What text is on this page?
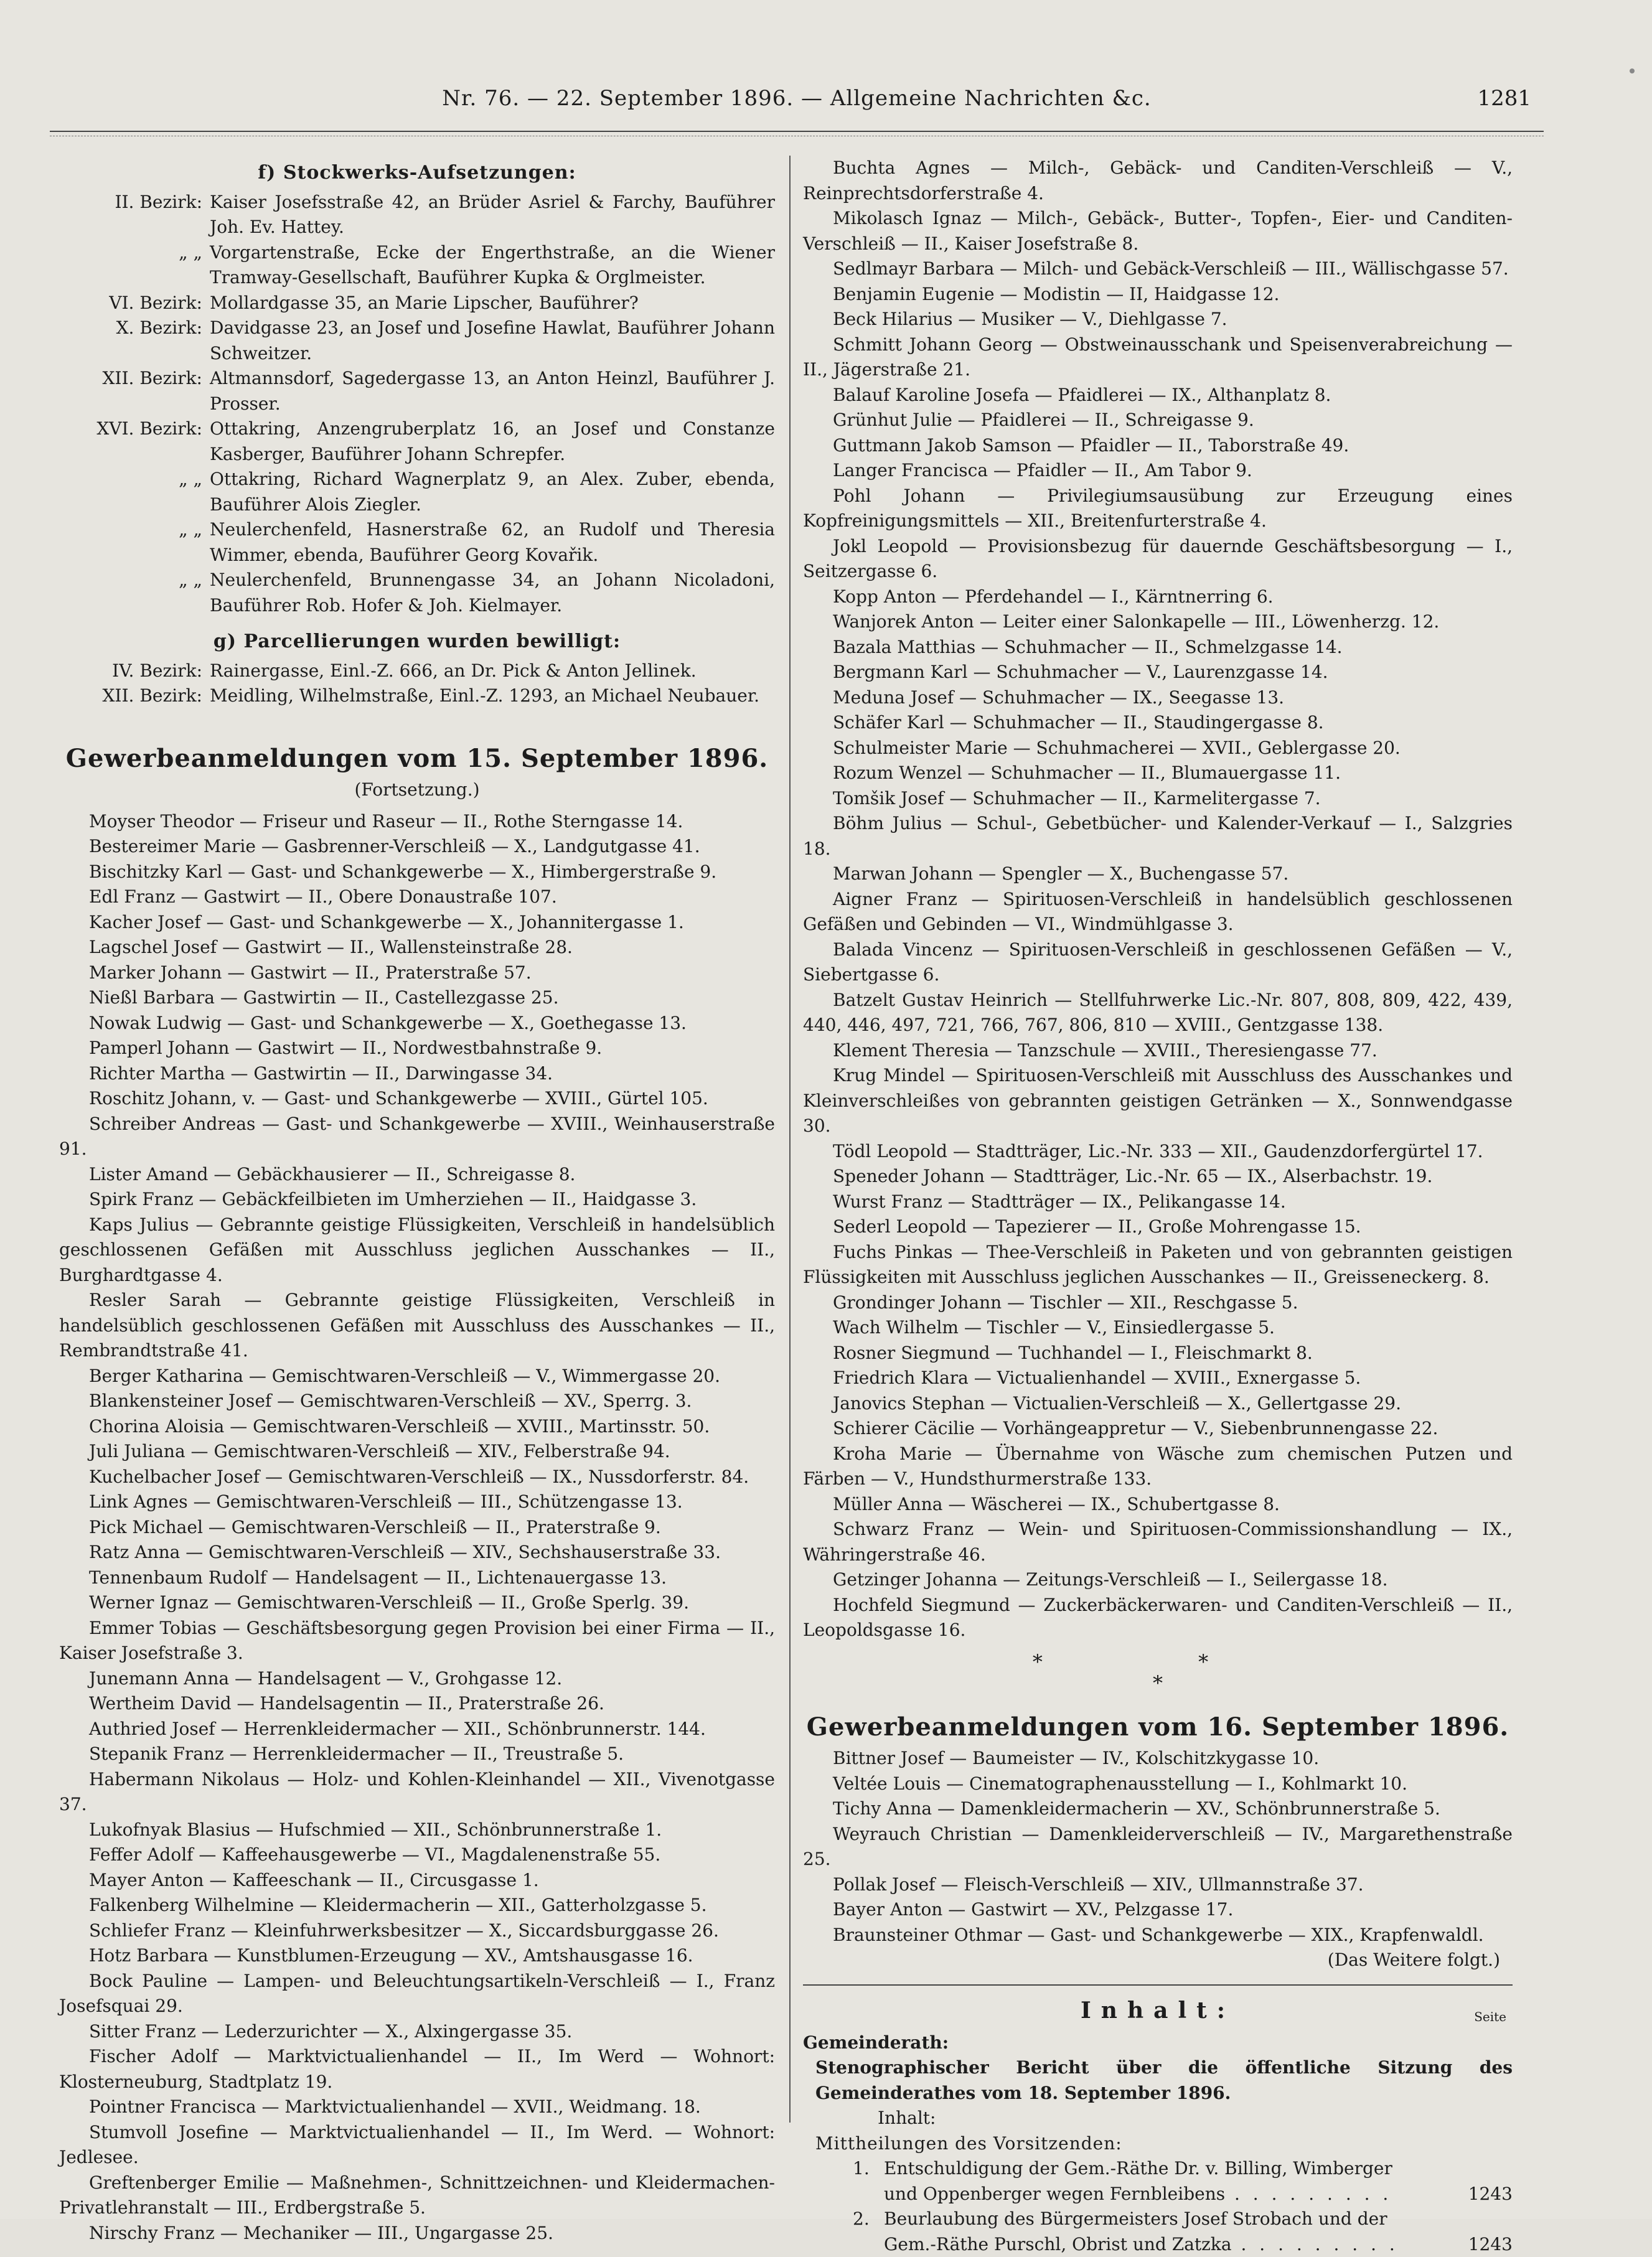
Nr. 76. — 22. September 1896. — Allgemeine Nachrichten &c.	1281
f) Stockwerks-Aufsetzungen:
II. Bezirk: Kaiser Josefsstraße 42, an Brüder Asriel & Farchy, Bauführer Joh. Ev. Hattey.
„ „ Vorgartenstraße, Ecke der Engerthstraße, an die Wiener Tramway-Gesellschaft, Bauführer Kupka & Orglmeister.
VI. Bezirk: Mollardgasse 35, an Marie Lipscher, Bauführer?
X. Bezirk: Davidgasse 23, an Josef und Josefine Hawlat, Bauführer Johann Schweitzer.
XII. Bezirk: Altmannsdorf, Sagedergasse 13, an Anton Heinzl, Bauführer J. Prosser.
XVI. Bezirk: Ottakring, Anzengruberplatz 16, an Josef und Constanze Kasberger, Bauführer Johann Schrepfer.
„ „ Ottakring, Richard Wagnerplatz 9, an Alex. Zuber, ebenda, Bauführer Alois Ziegler.
„ „ Neulerchenfeld, Hasnerstraße 62, an Rudolf und Theresia Wimmer, ebenda, Bauführer Georg Kovařik.
„ „ Neulerchenfeld, Brunnengasse 34, an Johann Nicoladoni, Bauführer Rob. Hofer & Joh. Kielmayer.
g) Parcellierungen wurden bewilligt:
IV. Bezirk: Rainergasse, Einl.-Z. 666, an Dr. Pick & Anton Jellinek.
XII. Bezirk: Meidling, Wilhelmstraße, Einl.-Z. 1293, an Michael Neubauer.
Gewerbeanmeldungen vom 15. September 1896.
(Fortsetzung.)
Moyser Theodor — Friseur und Raseur — II., Rothe Sterngasse 14.
Bestereimer Marie — Gasbrenner-Verschleiß — X., Landgutgasse 41.
Bischitzky Karl — Gast- und Schankgewerbe — X., Himbergerstraße 9.
Edl Franz — Gastwirt — II., Obere Donaustraße 107.
Kacher Josef — Gast- und Schankgewerbe — X., Johannitergasse 1.
Lagschel Josef — Gastwirt — II., Wallensteinstraße 28.
Marker Johann — Gastwirt — II., Praterstraße 57.
Nießl Barbara — Gastwirtin — II., Castellezgasse 25.
Nowak Ludwig — Gast- und Schankgewerbe — X., Goethegasse 13.
Pamperl Johann — Gastwirt — II., Nordwestbahnstraße 9.
Richter Martha — Gastwirtin — II., Darwingasse 34.
Roschitz Johann, v. — Gast- und Schankgewerbe — XVIII., Gürtel 105.
Schreiber Andreas — Gast- und Schankgewerbe — XVIII., Weinhauserstraße 91.
Lister Amand — Gebäckhausierer — II., Schreigasse 8.
Spirk Franz — Gebäckfeilbieten im Umherziehen — II., Haidgasse 3.
Kaps Julius — Gebrannte geistige Flüssigkeiten, Verschleiß in handelsüblich geschlossenen Gefäßen mit Ausschluss jeglichen Ausschankes — II., Burghardtgasse 4.
Resler Sarah — Gebrannte geistige Flüssigkeiten, Verschleiß in handelsüblich geschlossenen Gefäßen mit Ausschluss des Ausschankes — II., Rembrandtstraße 41.
Berger Katharina — Gemischtwaren-Verschleiß — V., Wimmergasse 20.
Blankensteiner Josef — Gemischtwaren-Verschleiß — XV., Sperrg. 3.
Chorina Aloisia — Gemischtwaren-Verschleiß — XVIII., Martinsstr. 50.
Juli Juliana — Gemischtwaren-Verschleiß — XIV., Felberstraße 94.
Kuchelbacher Josef — Gemischtwaren-Verschleiß — IX., Nussdorferstr. 84.
Link Agnes — Gemischtwaren-Verschleiß — III., Schützengasse 13.
Pick Michael — Gemischtwaren-Verschleiß — II., Praterstraße 9.
Ratz Anna — Gemischtwaren-Verschleiß — XIV., Sechshauserstraße 33.
Tennenbaum Rudolf — Handelsagent — II., Lichtenauergasse 13.
Werner Ignaz — Gemischtwaren-Verschleiß — II., Große Sperlg. 39.
Emmer Tobias — Geschäftsbesorgung gegen Provision bei einer Firma — II., Kaiser Josefstraße 3.
Junemann Anna — Handelsagent — V., Grohgasse 12.
Wertheim David — Handelsagentin — II., Praterstraße 26.
Authried Josef — Herrenkleidermacher — XII., Schönbrunnerstr. 144.
Stepanik Franz — Herrenkleidermacher — II., Treustraße 5.
Habermann Nikolaus — Holz- und Kohlen-Kleinhandel — XII., Vivenotgasse 37.
Lukofnyak Blasius — Hufschmied — XII., Schönbrunnerstraße 1.
Feffer Adolf — Kaffeehausgewerbe — VI., Magdalenenstraße 55.
Mayer Anton — Kaffeeschank — II., Circusgasse 1.
Falkenberg Wilhelmine — Kleidermacherin — XII., Gatterholzgasse 5.
Schliefer Franz — Kleinfuhrwerksbesitzer — X., Siccardsburggasse 26.
Hotz Barbara — Kunstblumen-Erzeugung — XV., Amtshausgasse 16.
Bock Pauline — Lampen- und Beleuchtungsartikeln-Verschleiß — I., Franz Josefsquai 29.
Sitter Franz — Lederzurichter — X., Alxingergasse 35.
Fischer Adolf — Marktvictualienhandel — II., Im Werd — Wohnort: Klosterneuburg, Stadtplatz 19.
Pointner Francisca — Marktvictualienhandel — XVII., Weidmang. 18.
Stumvoll Josefine — Marktvictualienhandel — II., Im Werd. — Wohnort: Jedlesee.
Greftenberger Emilie — Maßnehmen-, Schnittzeichnen- und Kleidermachen-Privatlehranstalt — III., Erdbergstraße 5.
Nirschy Franz — Mechaniker — III., Ungargasse 25.
Buchta Agnes — Milch-, Gebäck- und Canditen-Verschleiß — V., Reinprechtsdorferstraße 4.
Mikolasch Ignaz — Milch-, Gebäck-, Butter-, Topfen-, Eier- und Canditen-Verschleiß — II., Kaiser Josefstraße 8.
Sedlmayr Barbara — Milch- und Gebäck-Verschleiß — III., Wällischgasse 57.
Benjamin Eugenie — Modistin — II, Haidgasse 12.
Beck Hilarius — Musiker — V., Diehlgasse 7.
Schmitt Johann Georg — Obstweinausschank und Speisenverabreichung — II., Jägerstraße 21.
Balauf Karoline Josefa — Pfaidlerei — IX., Althanplatz 8.
Grünhut Julie — Pfaidlerei — II., Schreigasse 9.
Guttmann Jakob Samson — Pfaidler — II., Taborstraße 49.
Langer Francisca — Pfaidler — II., Am Tabor 9.
Pohl Johann — Privilegiumsausübung zur Erzeugung eines Kopfreinigungsmittels — XII., Breitenfurterstraße 4.
Jokl Leopold — Provisionsbezug für dauernde Geschäftsbesorgung — I., Seitzergasse 6.
Kopp Anton — Pferdehandel — I., Kärntnerring 6.
Wanjorek Anton — Leiter einer Salonkapelle — III., Löwenherzg. 12.
Bazala Matthias — Schuhmacher — II., Schmelzgasse 14.
Bergmann Karl — Schuhmacher — V., Laurenzgasse 14.
Meduna Josef — Schuhmacher — IX., Seegasse 13.
Schäfer Karl — Schuhmacher — II., Staudingergasse 8.
Schulmeister Marie — Schuhmacherei — XVII., Geblergasse 20.
Rozum Wenzel — Schuhmacher — II., Blumauergasse 11.
Tomšik Josef — Schuhmacher — II., Karmelitergasse 7.
Böhm Julius — Schul-, Gebetbücher- und Kalender-Verkauf — I., Salzgries 18.
Marwan Johann — Spengler — X., Buchengasse 57.
Aigner Franz — Spirituosen-Verschleiß in handelsüblich geschlossenen Gefäßen und Gebinden — VI., Windmühlgasse 3.
Balada Vincenz — Spirituosen-Verschleiß in geschlossenen Gefäßen — V., Siebertgasse 6.
Batzelt Gustav Heinrich — Stellfuhrwerke Lic.-Nr. 807, 808, 809, 422, 439, 440, 446, 497, 721, 766, 767, 806, 810 — XVIII., Gentzgasse 138.
Klement Theresia — Tanzschule — XVIII., Theresiengasse 77.
Krug Mindel — Spirituosen-Verschleiß mit Ausschluss des Ausschankes und Kleinverschleißes von gebrannten geistigen Getränken — X., Sonnwendgasse 30.
Tödl Leopold — Stadtträger, Lic.-Nr. 333 — XII., Gaudenzdorfergürtel 17.
Speneder Johann — Stadtträger, Lic.-Nr. 65 — IX., Alserbachstr. 19.
Wurst Franz — Stadtträger — IX., Pelikangasse 14.
Sederl Leopold — Tapezierer — II., Große Mohrengasse 15.
Fuchs Pinkas — Thee-Verschleiß in Paketen und von gebrannten geistigen Flüssigkeiten mit Ausschluss jeglichen Ausschankes — II., Greisseneckerg. 8.
Grondinger Johann — Tischler — XII., Reschgasse 5.
Wach Wilhelm — Tischler — V., Einsiedlergasse 5.
Rosner Siegmund — Tuchhandel — I., Fleischmarkt 8.
Friedrich Klara — Victualienhandel — XVIII., Exnergasse 5.
Janovics Stephan — Victualien-Verschleiß — X., Gellertgasse 29.
Schierer Cäcilie — Vorhängeappretur — V., Siebenbrunnengasse 22.
Kroha Marie — Übernahme von Wäsche zum chemischen Putzen und Färben — V., Hundsthurmerstraße 133.
Müller Anna — Wäscherei — IX., Schubertgasse 8.
Schwarz Franz — Wein- und Spirituosen-Commissionshandlung — IX., Währingerstraße 46.
Getzinger Johanna — Zeitungs-Verschleiß — I., Seilergasse 18.
Hochfeld Siegmund — Zuckerbäckerwaren- und Canditen-Verschleiß — II., Leopoldsgasse 16.
* *
*
Gewerbeanmeldungen vom 16. September 1896.
Bittner Josef — Baumeister — IV., Kolschitzkygasse 10.
Veltée Louis — Cinematographenausstellung — I., Kohlmarkt 10.
Tichy Anna — Damenkleidermacherin — XV., Schönbrunnerstraße 5.
Weyrauch Christian — Damenkleiderverschleiß — IV., Margarethenstraße 25.
Pollak Josef — Fleisch-Verschleiß — XIV., Ullmannstraße 37.
Bayer Anton — Gastwirt — XV., Pelzgasse 17.
Braunsteiner Othmar — Gast- und Schankgewerbe — XIX., Krapfenwaldl.
(Das Weitere folgt.)
Inhalt:	Seite
Gemeinderath:
Stenographischer Bericht über die öffentliche Sitzung des Gemeinderathes vom 18. September 1896.
Inhalt:
Mittheilungen des Vorsitzenden:
1. Entschuldigung der Gem.-Räthe Dr. v. Billing, Wimberger
und Oppenberger wegen Fernbleibens . . . . . . . . .	1243
2. Beurlaubung des Bürgermeisters Josef Strobach und der
Gem.-Räthe Purschl, Obrist und Zatzka . . . . . . . . .	1243
